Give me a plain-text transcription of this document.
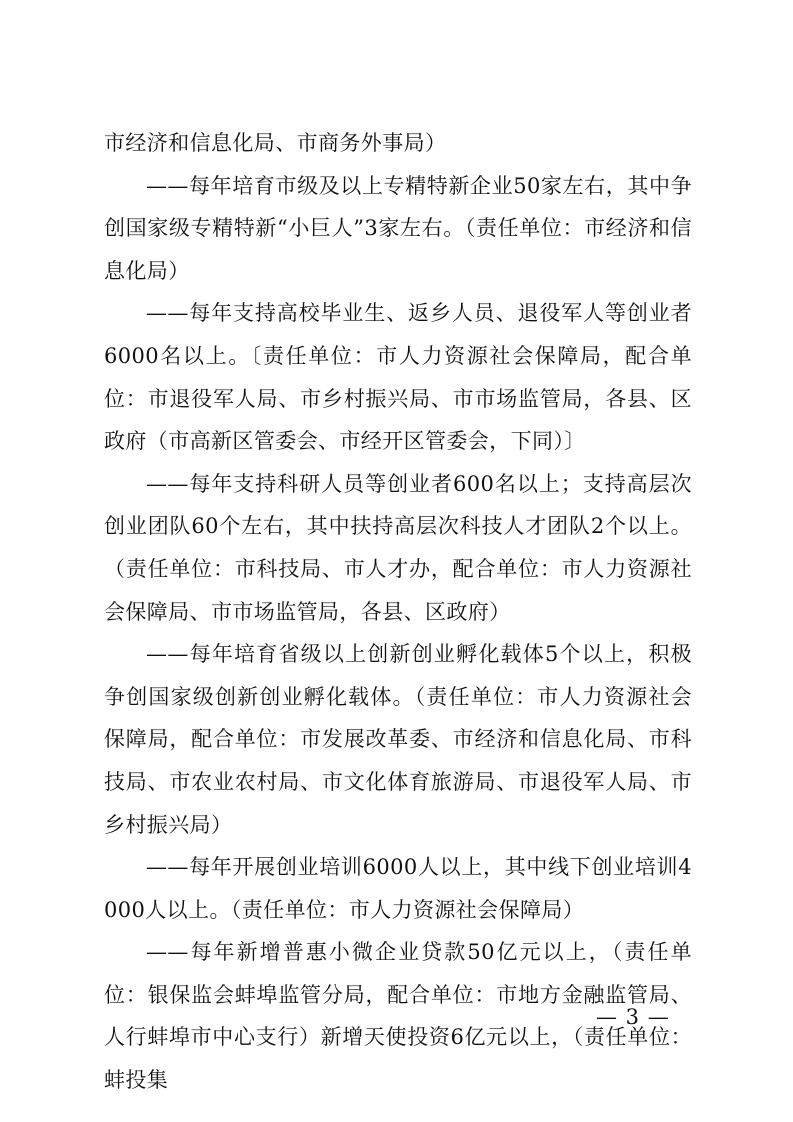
市经济和信息化局、市商务外事局）

——每年培育市级及以上专精特新企业50家左右，其中争创国家级专精特新“小巨人”3家左右。（责任单位：市经济和信息化局）

——每年支持高校毕业生、返乡人员、退役军人等创业者6000名以上。〔责任单位：市人力资源社会保障局，配合单位：市退役军人局、市乡村振兴局、市市场监管局，各县、区政府（市高新区管委会、市经开区管委会，下同）〕

——每年支持科研人员等创业者600名以上；支持高层次创业团队60个左右，其中扶持高层次科技人才团队2个以上。（责任单位：市科技局、市人才办，配合单位：市人力资源社会保障局、市市场监管局，各县、区政府）

——每年培育省级以上创新创业孵化载体5个以上，积极争创国家级创新创业孵化载体。（责任单位：市人力资源社会保障局，配合单位：市发展改革委、市经济和信息化局、市科技局、市农业农村局、市文化体育旅游局、市退役军人局、市乡村振兴局）

——每年开展创业培训6000人以上，其中线下创业培训4000人以上。（责任单位：市人力资源社会保障局）

——每年新增普惠小微企业贷款50亿元以上，（责任单位：银保监会蚌埠监管分局，配合单位：市地方金融监管局、人行蚌埠市中心支行）新增天使投资6亿元以上，（责任单位：蚌投集

— 3 —
